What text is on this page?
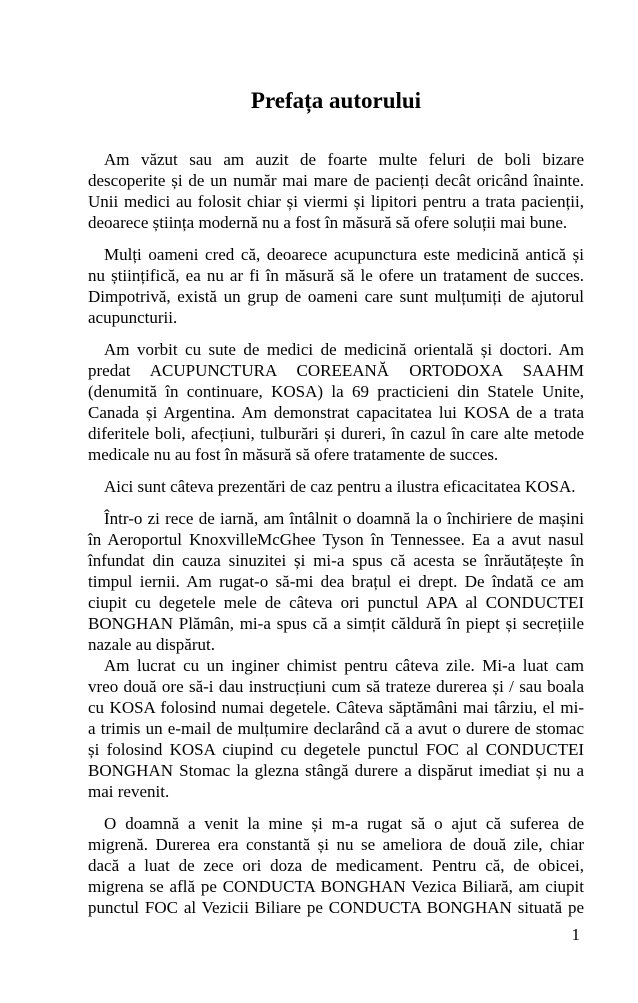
Prefața autorului
Am văzut sau am auzit de foarte multe feluri de boli bizare
descoperite și de un număr mai mare de pacienți decât oricând înainte.
Unii medici au folosit chiar și viermi și lipitori pentru a trata pacienții,
deoarece știința modernă nu a fost în măsură să ofere soluții mai bune.
Mulți oameni cred că, deoarece acupunctura este medicină antică și
nu științifică, ea nu ar fi în măsură să le ofere un tratament de succes.
Dimpotrivă, există un grup de oameni care sunt mulțumiți de ajutorul
acupuncturii.
Am vorbit cu sute de medici de medicină orientală și doctori. Am
predat ACUPUNCTURA COREEANĂ ORTODOXA SAAHM
(denumită în continuare, KOSA) la 69 practicieni din Statele Unite,
Canada și Argentina. Am demonstrat capacitatea lui KOSA de a trata
diferitele boli, afecțiuni, tulburări și dureri, în cazul în care alte metode
medicale nu au fost în măsură să ofere tratamente de succes.
Aici sunt câteva prezentări de caz pentru a ilustra eficacitatea KOSA.
Într-o zi rece de iarnă, am întâlnit o doamnă la o închiriere de mașini
în Aeroportul KnoxvilleMcGhee Tyson în Tennessee. Ea a avut nasul
înfundat din cauza sinuzitei și mi-a spus că acesta se înrăutățește în
timpul iernii. Am rugat-o să-mi dea brațul ei drept. De îndată ce am
ciupit cu degetele mele de câteva ori punctul APA al CONDUCTEI
BONGHAN Plămân, mi-a spus că a simțit căldură în piept și secrețiile
nazale au dispărut.
Am lucrat cu un inginer chimist pentru câteva zile. Mi-a luat cam
vreo două ore să-i dau instrucțiuni cum să trateze durerea și / sau boala
cu KOSA folosind numai degetele. Câteva săptămâni mai târziu, el mi-
a trimis un e-mail de mulțumire declarând că a avut o durere de stomac
și folosind KOSA ciupind cu degetele punctul FOC al CONDUCTEI
BONGHAN Stomac la glezna stângă durere a dispărut imediat și nu a
mai revenit.
O doamnă a venit la mine și m-a rugat să o ajut că suferea de
migrenă. Durerea era constantă și nu se ameliora de două zile, chiar
dacă a luat de zece ori doza de medicament. Pentru că, de obicei,
migrena se află pe CONDUCTA BONGHAN Vezica Biliară, am ciupit
punctul FOC al Vezicii Biliare pe CONDUCTA BONGHAN situată pe
1
